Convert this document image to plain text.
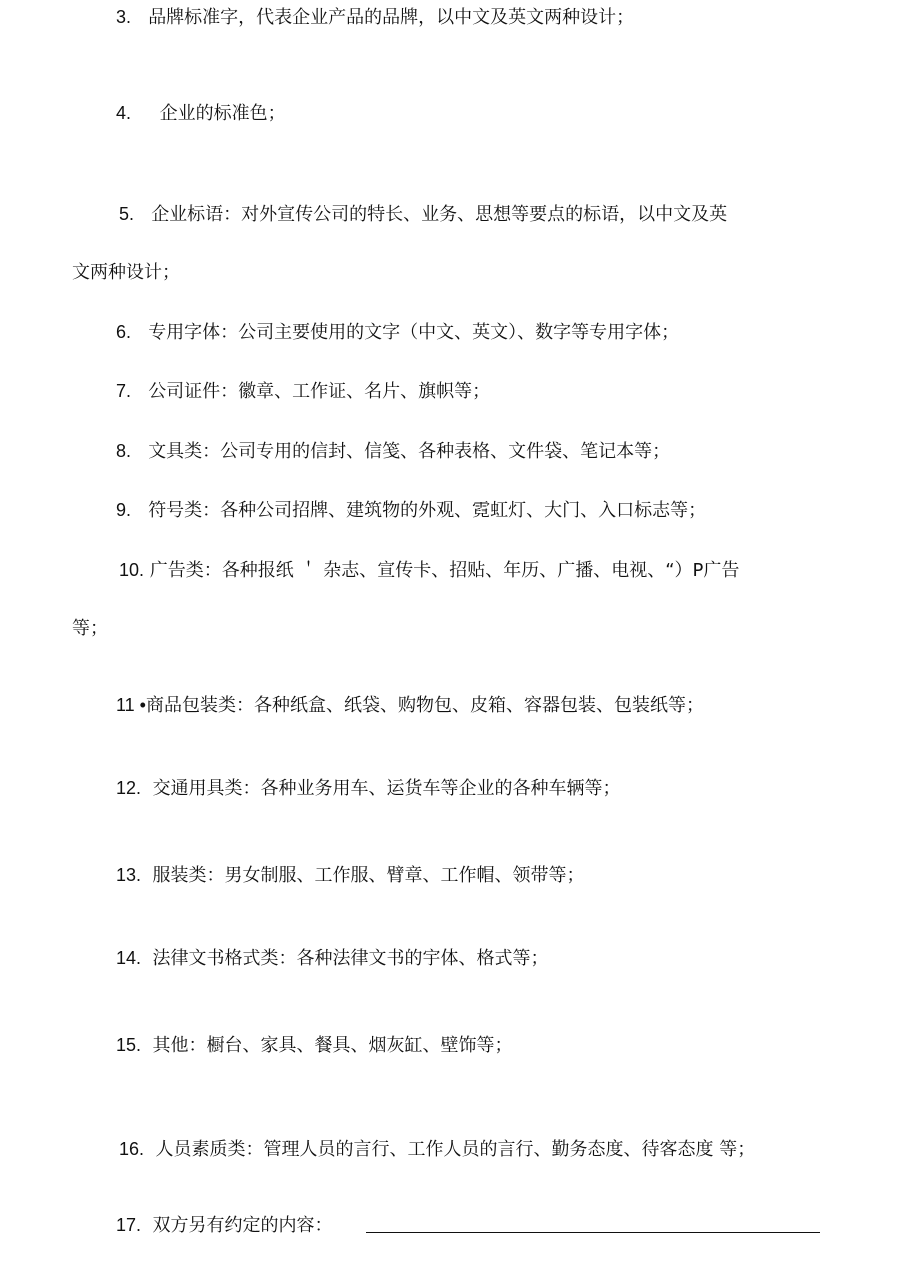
3. 品牌标准字，代表企业产品的品牌，以中文及英文两种设计；
4. 企业的标准色；
5. 企业标语：对外宣传公司的特长、业务、思想等要点的标语，以中文及英
文两种设计；
6. 专用字体：公司主要使用的文字（中文、英文）、数字等专用字体；
7. 公司证件：徽章、工作证、名片、旗帜等；
8. 文具类：公司专用的信封、信笺、各种表格、文件袋、笔记本等；
9. 符号类：各种公司招牌、建筑物的外观、霓虹灯、大门、入口标志等；
10. 广告类：各种报纸 ＇ 杂志、宣传卡、招贴、年历、广播、电视、“）P广告
等；
11 •商品包装类：各种纸盒、纸袋、购物包、皮箱、容器包装、包装纸等；
12. 交通用具类：各种业务用车、运货车等企业的各种车辆等；
13. 服装类：男女制服、工作服、臂章、工作帽、领带等；
14. 法律文书格式类：各种法律文书的宇体、格式等；
15. 其他：橱台、家具、餐具、烟灰缸、壁饰等；
16. 人员素质类：管理人员的言行、工作人员的言行、勤务态度、待客态度 等；
17. 双方另有约定的内容：
